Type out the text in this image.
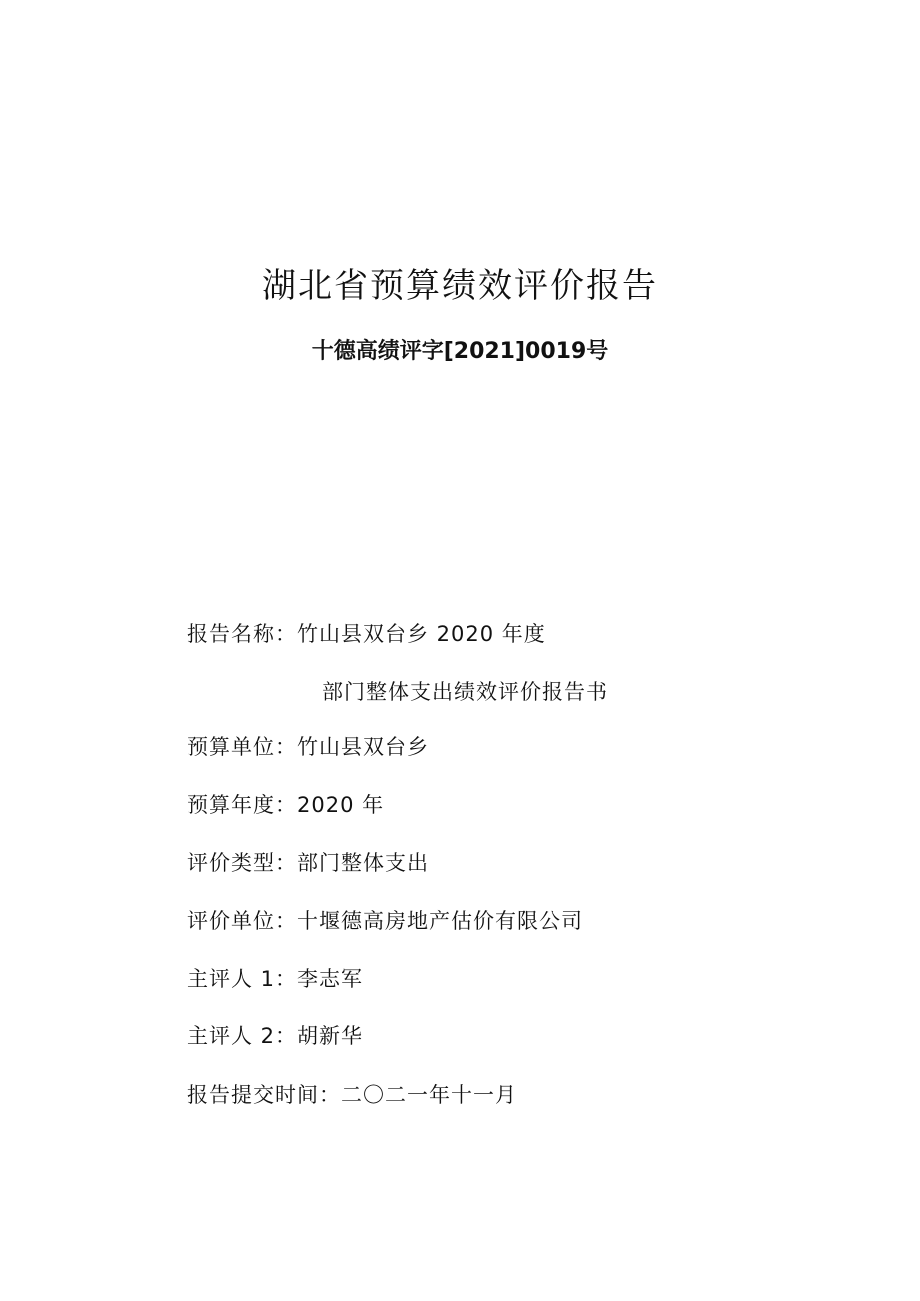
湖北省预算绩效评价报告
十德高绩评字[2021]0019号
报告名称：竹山县双台乡 2020 年度
部门整体支出绩效评价报告书
预算单位：竹山县双台乡
预算年度：2020 年
评价类型：部门整体支出
评价单位：十堰德高房地产估价有限公司
主评人 1：李志军
主评人 2：胡新华
报告提交时间：二〇二一年十一月
